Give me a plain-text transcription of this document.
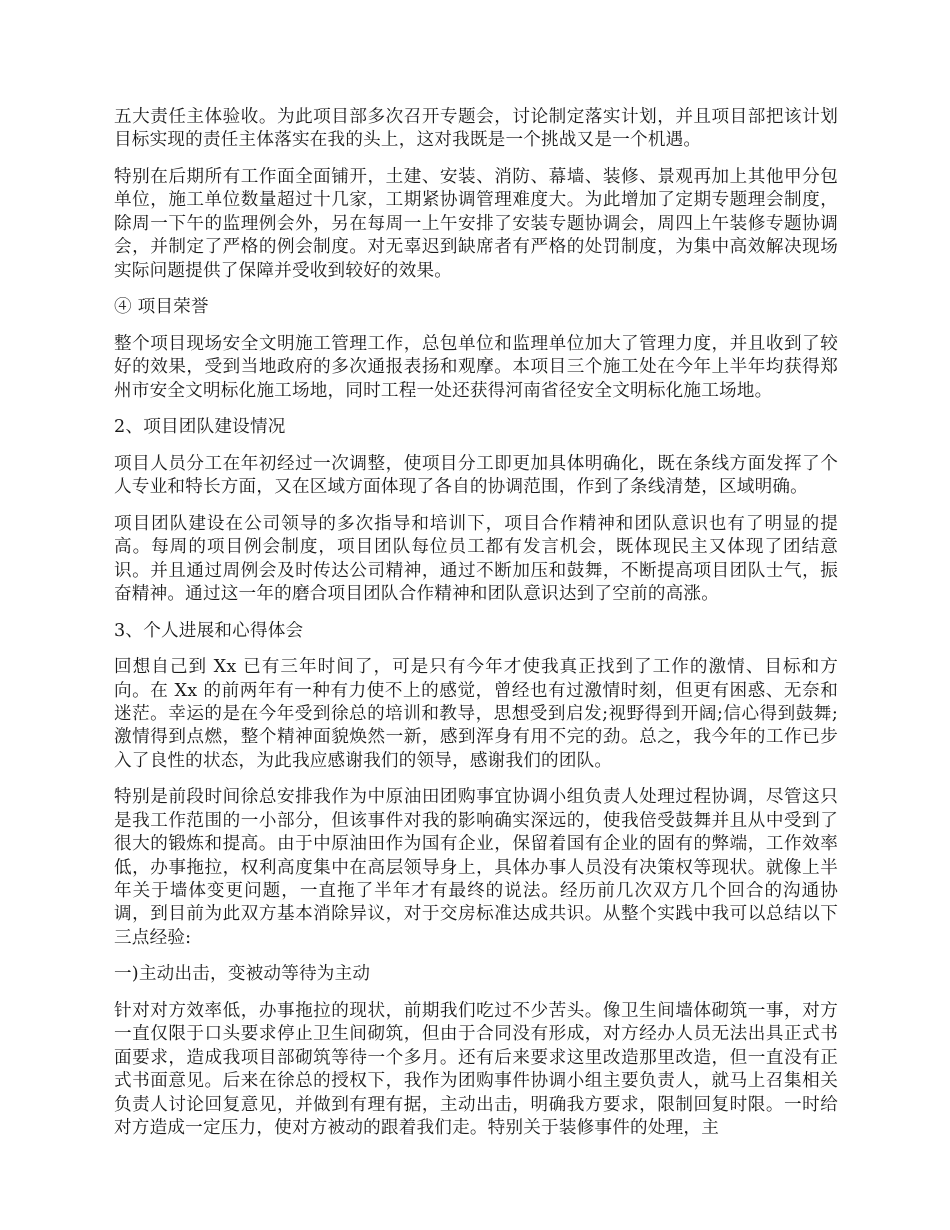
五大责任主体验收。为此项目部多次召开专题会，讨论制定落实计划，并且项目部把该计划目标实现的责任主体落实在我的头上，这对我既是一个挑战又是一个机遇。

特别在后期所有工作面全面铺开，土建、安装、消防、幕墙、装修、景观再加上其他甲分包单位，施工单位数量超过十几家，工期紧协调管理难度大。为此增加了定期专题理会制度，除周一下午的监理例会外，另在每周一上午安排了安装专题协调会，周四上午装修专题协调会，并制定了严格的例会制度。对无辜迟到缺席者有严格的处罚制度，为集中高效解决现场实际问题提供了保障并受收到较好的效果。

④ 项目荣誉

整个项目现场安全文明施工管理工作，总包单位和监理单位加大了管理力度，并且收到了较好的效果，受到当地政府的多次通报表扬和观摩。本项目三个施工处在今年上半年均获得郑州市安全文明标化施工场地，同时工程一处还获得河南省径安全文明标化施工场地。

2、项目团队建设情况

项目人员分工在年初经过一次调整，使项目分工即更加具体明确化，既在条线方面发挥了个人专业和特长方面，又在区域方面体现了各自的协调范围，作到了条线清楚，区域明确。

项目团队建设在公司领导的多次指导和培训下，项目合作精神和团队意识也有了明显的提高。每周的项目例会制度，项目团队每位员工都有发言机会，既体现民主又体现了团结意识。并且通过周例会及时传达公司精神，通过不断加压和鼓舞，不断提高项目团队士气，振奋精神。通过这一年的磨合项目团队合作精神和团队意识达到了空前的高涨。

3、个人进展和心得体会

回想自己到 Xx 已有三年时间了，可是只有今年才使我真正找到了工作的激情、目标和方向。在 Xx 的前两年有一种有力使不上的感觉，曾经也有过激情时刻，但更有困惑、无奈和迷茫。幸运的是在今年受到徐总的培训和教导，思想受到启发;视野得到开阔;信心得到鼓舞;激情得到点燃，整个精神面貌焕然一新，感到浑身有用不完的劲。总之，我今年的工作已步入了良性的状态，为此我应感谢我们的领导，感谢我们的团队。

特别是前段时间徐总安排我作为中原油田团购事宜协调小组负责人处理过程协调，尽管这只是我工作范围的一小部分，但该事件对我的影响确实深远的，使我倍受鼓舞并且从中受到了很大的锻炼和提高。由于中原油田作为国有企业，保留着国有企业的固有的弊端，工作效率低，办事拖拉，权利高度集中在高层领导身上，具体办事人员没有决策权等现状。就像上半年关于墙体变更问题，一直拖了半年才有最终的说法。经历前几次双方几个回合的沟通协调，到目前为此双方基本消除异议，对于交房标准达成共识。从整个实践中我可以总结以下三点经验:

一)主动出击，变被动等待为主动

针对对方效率低，办事拖拉的现状，前期我们吃过不少苦头。像卫生间墙体砌筑一事，对方一直仅限于口头要求停止卫生间砌筑，但由于合同没有形成，对方经办人员无法出具正式书面要求，造成我项目部砌筑等待一个多月。还有后来要求这里改造那里改造，但一直没有正式书面意见。后来在徐总的授权下，我作为团购事件协调小组主要负责人，就马上召集相关负责人讨论回复意见，并做到有理有据，主动出击，明确我方要求，限制回复时限。一时给对方造成一定压力，使对方被动的跟着我们走。特别关于装修事件的处理，主
